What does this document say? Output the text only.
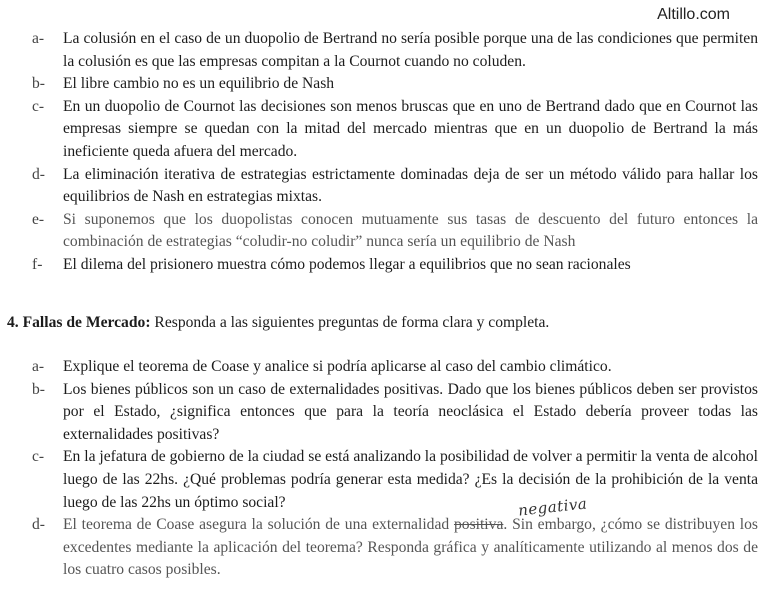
Altillo.com
a-	La colusión en el caso de un duopolio de Bertrand no sería posible porque una de las condiciones que permiten la colusión es que las empresas compitan a la Cournot cuando no coluden.
b-	El libre cambio no es un equilibrio de Nash
c-	En un duopolio de Cournot las decisiones son menos bruscas que en uno de Bertrand dado que en Cournot las empresas siempre se quedan con la mitad del mercado mientras que en un duopolio de Bertrand la más ineficiente queda afuera del mercado.
d-	La eliminación iterativa de estrategias estrictamente dominadas deja de ser un método válido para hallar los equilibrios de Nash en estrategias mixtas.
e-	Si suponemos que los duopolistas conocen mutuamente sus tasas de descuento del futuro entonces la combinación de estrategias “coludir-no coludir” nunca sería un equilibrio de Nash
f-	El dilema del prisionero muestra cómo podemos llegar a equilibrios que no sean racionales
4. Fallas de Mercado: Responda a las siguientes preguntas de forma clara y completa.
a-	Explique el teorema de Coase y analice si podría aplicarse al caso del cambio climático.
b-	Los bienes públicos son un caso de externalidades positivas. Dado que los bienes públicos deben ser provistos por el Estado, ¿significa entonces que para la teoría neoclásica el Estado debería proveer todas las externalidades positivas?
c-	En la jefatura de gobierno de la ciudad se está analizando la posibilidad de volver a permitir la venta de alcohol luego de las 22hs. ¿Qué problemas podría generar esta medida? ¿Es la decisión de la prohibición de la venta luego de las 22hs un óptimo social?
d-	El teorema de Coase asegura la solución de una externalidad positiva. Sin embargo, ¿cómo se distribuyen los excedentes mediante la aplicación del teorema? Responda gráfica y analíticamente utilizando al menos dos de los cuatro casos posibles.
negativa
